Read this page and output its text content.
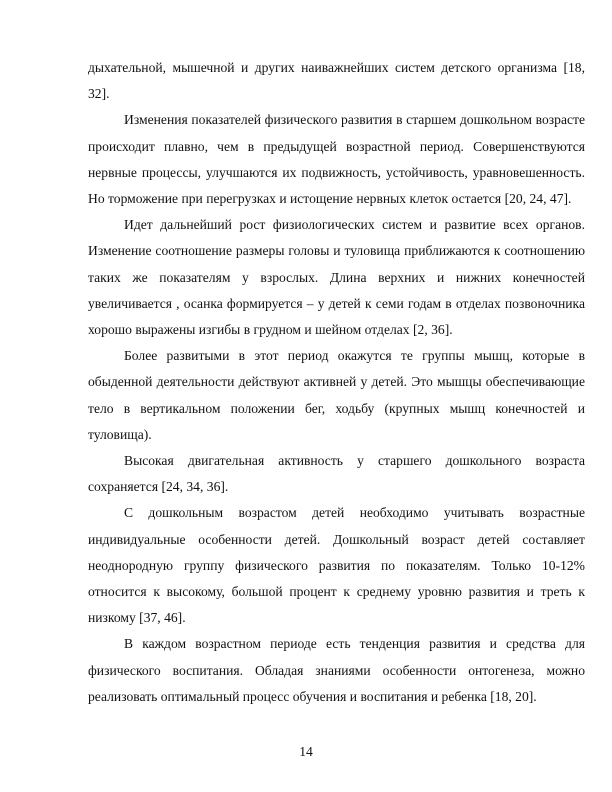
дыхательной, мышечной и других наиважнейших систем детского организма [18, 32].

Изменения показателей физического развития в старшем дошкольном возрасте происходит плавно, чем в предыдущей возрастной период. Совершенствуются нервные процессы, улучшаются их подвижность, устойчивость, уравновешенность. Но торможение при перегрузках и истощение нервных клеток остается [20, 24, 47].

Идет дальнейший рост физиологических систем и развитие всех органов. Изменение соотношение размеры головы и туловища приближаются к соотношению таких же показателям у взрослых. Длина верхних и нижних конечностей увеличивается , осанка формируется – у детей к семи годам в отделах позвоночника хорошо выражены изгибы в грудном и шейном отделах [2, 36].

Более развитыми в этот период окажутся те группы мышц, которые в обыденной деятельности действуют активней у детей. Это мышцы обеспечивающие тело в вертикальном положении бег, ходьбу (крупных мышц конечностей и туловища).

Высокая двигательная активность у старшего дошкольного возраста сохраняется [24, 34, 36].

С дошкольным возрастом детей необходимо учитывать возрастные индивидуальные особенности детей. Дошкольный возраст детей составляет неоднородную группу физического развития по показателям. Только 10-12% относится к высокому, большой процент к среднему уровню развития и треть к низкому [37, 46].

В каждом возрастном периоде есть тенденция развития и средства для физического воспитания. Обладая знаниями особенности онтогенеза, можно реализовать оптимальный процесс обучения и воспитания и ребенка [18, 20].

14
